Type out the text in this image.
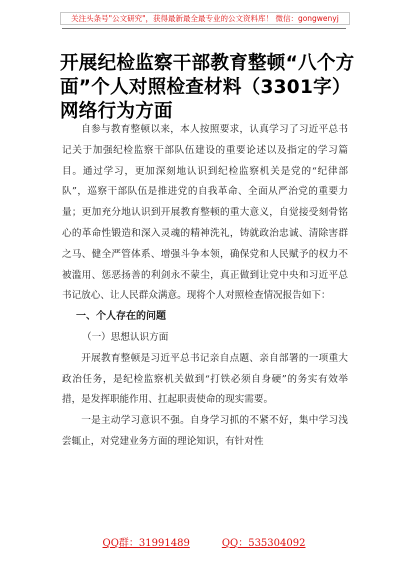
关注头条号"公文研究"，获得最新最全最专业的公文资料库！ 微信：gongwenyj
开展纪检监察干部教育整顿“八个方面”个人对照检查材料（3301字）网络行为方面

自参与教育整顿以来，本人按照要求，认真学习了习近平总书记关于加强纪检监察干部队伍建设的重要论述以及指定的学习篇目。通过学习，更加深刻地认识到纪检监察机关是党的“纪律部队”，巡察干部队伍是推进党的自我革命、全面从严治党的重要力量；更加充分地认识到开展教育整顿的重大意义，自觉接受刻骨铭心的革命性锻造和深入灵魂的精神洗礼，铸就政治忠诚、清除害群之马、健全严管体系、增强斗争本领，确保党和人民赋予的权力不被滥用、惩恶扬善的利剑永不蒙尘，真正做到让党中央和习近平总书记放心、让人民群众满意。现将个人对照检查情况报告如下：

一、个人存在的问题
（一）思想认识方面

开展教育整顿是习近平总书记亲自点题、亲自部署的一项重大政治任务，是纪检监察机关做到“打铁必须自身硬”的务实有效举措，是发挥职能作用、扛起职责使命的现实需要。

一是主动学习意识不强。自身学习抓的不紧不好，集中学习浅尝辄止，对党建业务方面的理论知识，有针对性

QQ群：31991489	QQ：535304092
